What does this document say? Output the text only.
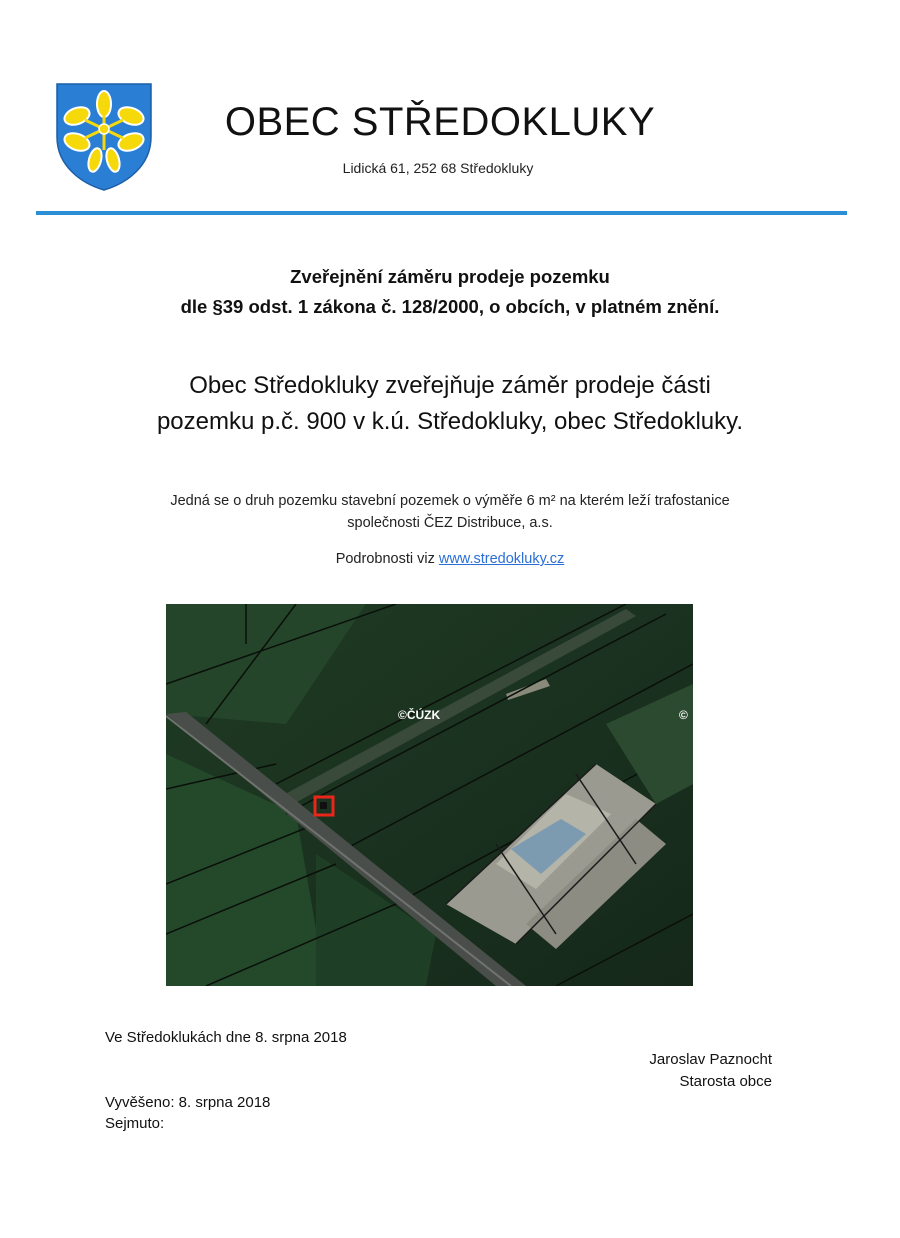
OBEC STŘEDOKLUKY
Lidická 61, 252 68 Středokluky
Zveřejnění záměru prodeje pozemku
dle §39 odst. 1 zákona č. 128/2000, o obcích, v platném znění.
Obec Středokluky zveřejňuje záměr prodeje části
pozemku p.č. 900 v k.ú. Středokluky, obec Středokluky.
Jedná se o druh pozemku stavební pozemek o výměře 6 m² na kterém leží trafostanice
společnosti ČEZ Distribuce, a.s.
Podrobnosti viz www.stredokluky.cz
©ČÚZK	©
Ve Středoklukách dne 8. srpna 2018
Jaroslav Paznocht
Starosta obce
Vyvěšeno: 8. srpna 2018
Sejmuto:
